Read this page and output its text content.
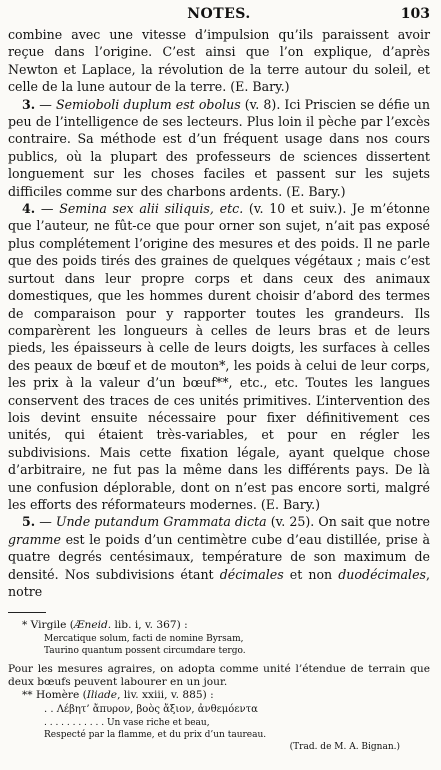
NOTES.	103

combine avec une vitesse d’impulsion qu’ils paraissent avoir reçue dans l’origine. C’est ainsi que l’on explique, d’après Newton et Laplace, la révolution de la terre autour du soleil, et celle de la lune autour de la terre. (E. Bary.)

3. — Semioboli duplum est obolus (v. 8). Ici Priscien se défie un peu de l’intelligence de ses lecteurs. Plus loin il pèche par l’excès contraire. Sa méthode est d’un fréquent usage dans nos cours publics, où la plupart des professeurs de sciences dissertent longuement sur les choses faciles et passent sur les sujets difficiles comme sur des charbons ardents. (E. Bary.)

4. — Semina sex alii siliquis, etc. (v. 10 et suiv.). Je m’étonne que l’auteur, ne fût-ce que pour orner son sujet, n’ait pas exposé plus complétement l’origine des mesures et des poids. Il ne parle que des poids tirés des graines de quelques végétaux ; mais c’est surtout dans leur propre corps et dans ceux des animaux domestiques, que les hommes durent choisir d’abord des termes de comparaison pour y rapporter toutes les grandeurs. Ils comparèrent les longueurs à celles de leurs bras et de leurs pieds, les épaisseurs à celle de leurs doigts, les surfaces à celles des peaux de bœuf et de mouton*, les poids à celui de leur corps, les prix à la valeur d’un bœuf**, etc., etc. Toutes les langues conservent des traces de ces unités primitives. L’intervention des lois devint ensuite nécessaire pour fixer définitivement ces unités, qui étaient très-variables, et pour en régler les subdivisions. Mais cette fixation légale, ayant quelque chose d’arbitraire, ne fut pas la même dans les différents pays. De là une confusion déplorable, dont on n’est pas encore sorti, malgré les efforts des réformateurs modernes. (E. Bary.)

5. — Unde putandum Grammata dicta (v. 25). On sait que notre gramme est le poids d’un centimètre cube d’eau distillée, prise à quatre degrés centésimaux, température de son maximum de densité. Nos subdivisions étant décimales et non duodécimales, notre

* Virgile (Æneid. lib. i, v. 367) :
Mercatique solum, facti de nomine Byrsam,
Taurino quantum possent circumdare tergo.
Pour les mesures agraires, on adopta comme unité l’étendue de terrain que deux bœufs peuvent labourer en un jour.
** Homère (Iliade, liv. xxiii, v. 885) :
. . Λέβητ’ ἄπυρον, βοὸς ἄξιον, ἀνθεμόεντα
. . . . . . . . . . . Un vase riche et beau,
Respecté par la flamme, et du prix d’un taureau.
(Trad. de M. A. Bignan.)
